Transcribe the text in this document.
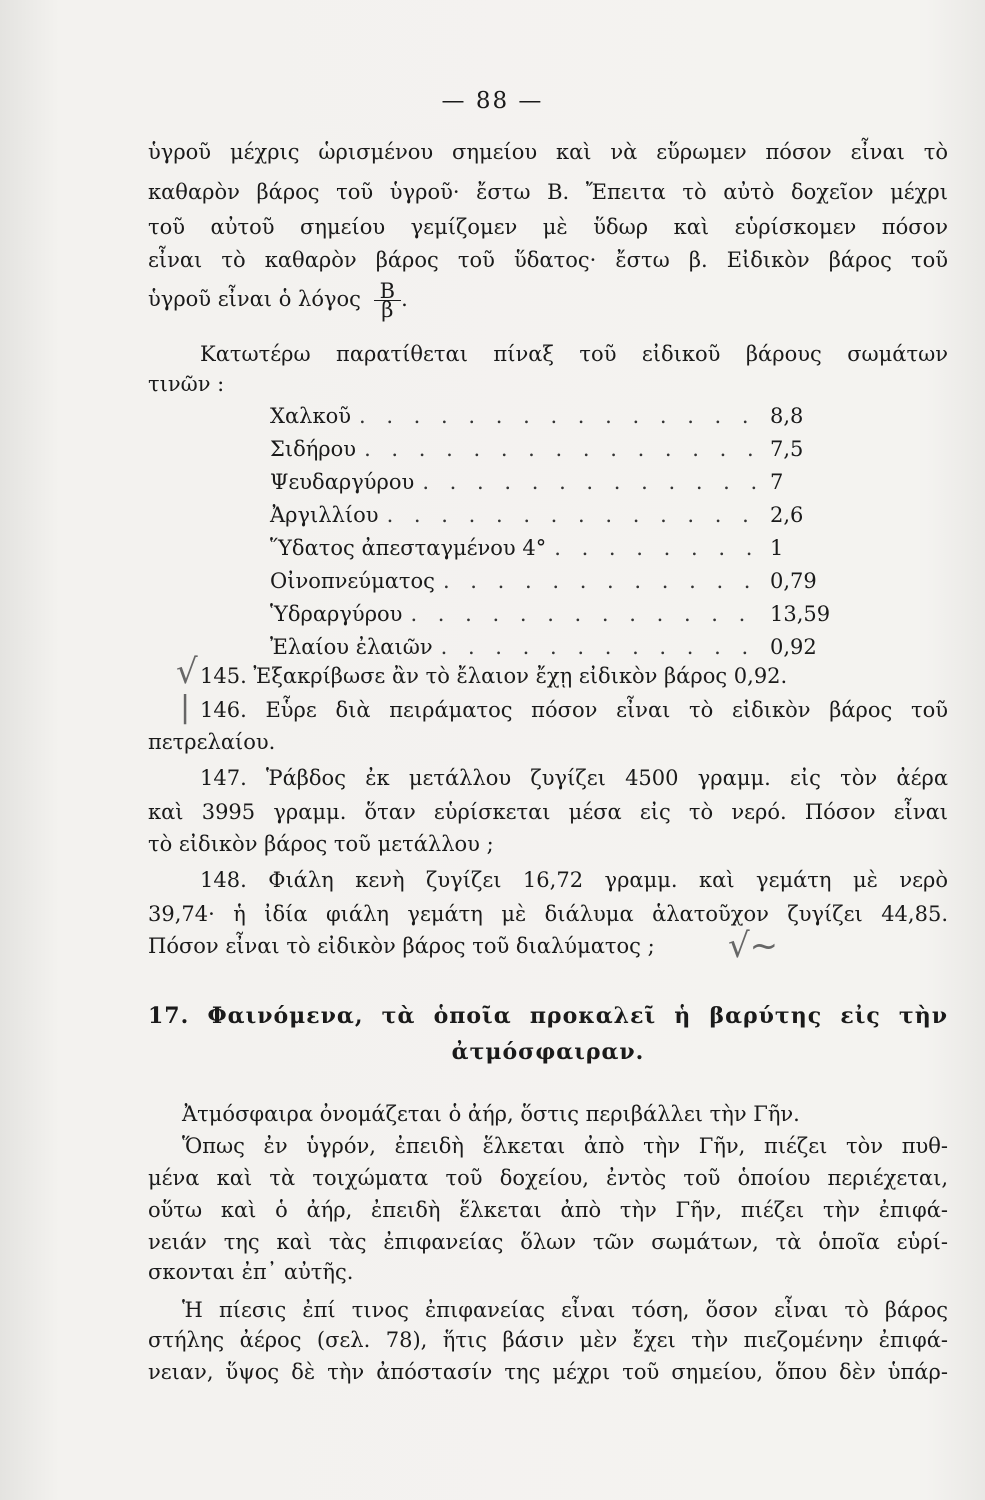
— 88 —
ὑγροῦ μέχρις ὡρισμένου σημείου καὶ νὰ εὕρωμεν πόσον εἶναι τὸ
καθαρὸν βάρος τοῦ ὑγροῦ· ἔστω Β. Ἔπειτα τὸ αὐτὸ δοχεῖον μέχρι
τοῦ αὐτοῦ σημείου γεμίζομεν μὲ ὕδωρ καὶ εὑρίσκομεν πόσον
εἶναι τὸ καθαρὸν βάρος τοῦ ὕδατος· ἔστω β. Εἰδικὸν βάρος τοῦ
ὑγροῦ εἶναι ὁ λόγος $\frac{B}{\beta}$ .
Κατωτέρω παρατίθεται πίναξ τοῦ εἰδικοῦ βάρους σωμάτων
τινῶν :
Χαλκοῦ . . .	8,8
Σιδήρου . . .	7,5
Ψευδαργύρου . . .	7
Ἀργιλλίου . . .	2,6
Ὕδατος ἀπεσταγμένου 4° . . .	1
Οἰνοπνεύματος . . .	0,79
Ὑδραργύρου . . .	13,59
Ἐλαίου ἐλαιῶν . . .	0,92
145. Ἐξακρίβωσε ἂν τὸ ἔλαιον ἔχῃ εἰδικὸν βάρος 0,92.
146. Εὗρε διὰ πειράματος πόσον εἶναι τὸ εἰδικὸν βάρος τοῦ
πετρελαίου.
147. Ῥάβδος ἐκ μετάλλου ζυγίζει 4500 γραμμ. εἰς τὸν ἀέρα
καὶ 3995 γραμμ. ὅταν εὑρίσκεται μέσα εἰς τὸ νερό. Πόσον εἶναι
τὸ εἰδικὸν βάρος τοῦ μετάλλου ;
148. Φιάλη κενὴ ζυγίζει 16,72 γραμμ. καὶ γεμάτη μὲ νερὸ
39,74· ἡ ἰδία φιάλη γεμάτη μὲ διάλυμα ἁλατοῦχον ζυγίζει 44,85.
Πόσον εἶναι τὸ εἰδικὸν βάρος τοῦ διαλύματος ;
√
|
√~
17. Φαινόμενα, τὰ ὁποῖα προκαλεῖ ἡ βαρύτης εἰς τὴν
ἀτμόσφαιραν.
Ἀτμόσφαιρα ὀνομάζεται ὁ ἀήρ, ὅστις περιβάλλει τὴν Γῆν.
Ὅπως ἐν ὑγρόν, ἐπειδὴ ἕλκεται ἀπὸ τὴν Γῆν, πιέζει τὸν πυθ-
μένα καὶ τὰ τοιχώματα τοῦ δοχείου, ἐντὸς τοῦ ὁποίου περιέχεται,
οὕτω καὶ ὁ ἀήρ, ἐπειδὴ ἕλκεται ἀπὸ τὴν Γῆν, πιέζει τὴν ἐπιφά-
νειάν της καὶ τὰς ἐπιφανείας ὅλων τῶν σωμάτων, τὰ ὁποῖα εὑρί-
σκονται ἐπ᾿ αὐτῆς.
Ἡ πίεσις ἐπί τινος ἐπιφανείας εἶναι τόση, ὅσον εἶναι τὸ βάρος
στήλης ἀέρος (σελ. 78), ἥτις βάσιν μὲν ἔχει τὴν πιεζομένην ἐπιφά-
νειαν, ὕψος δὲ τὴν ἀπόστασίν της μέχρι τοῦ σημείου, ὅπου δὲν ὑπάρ-
